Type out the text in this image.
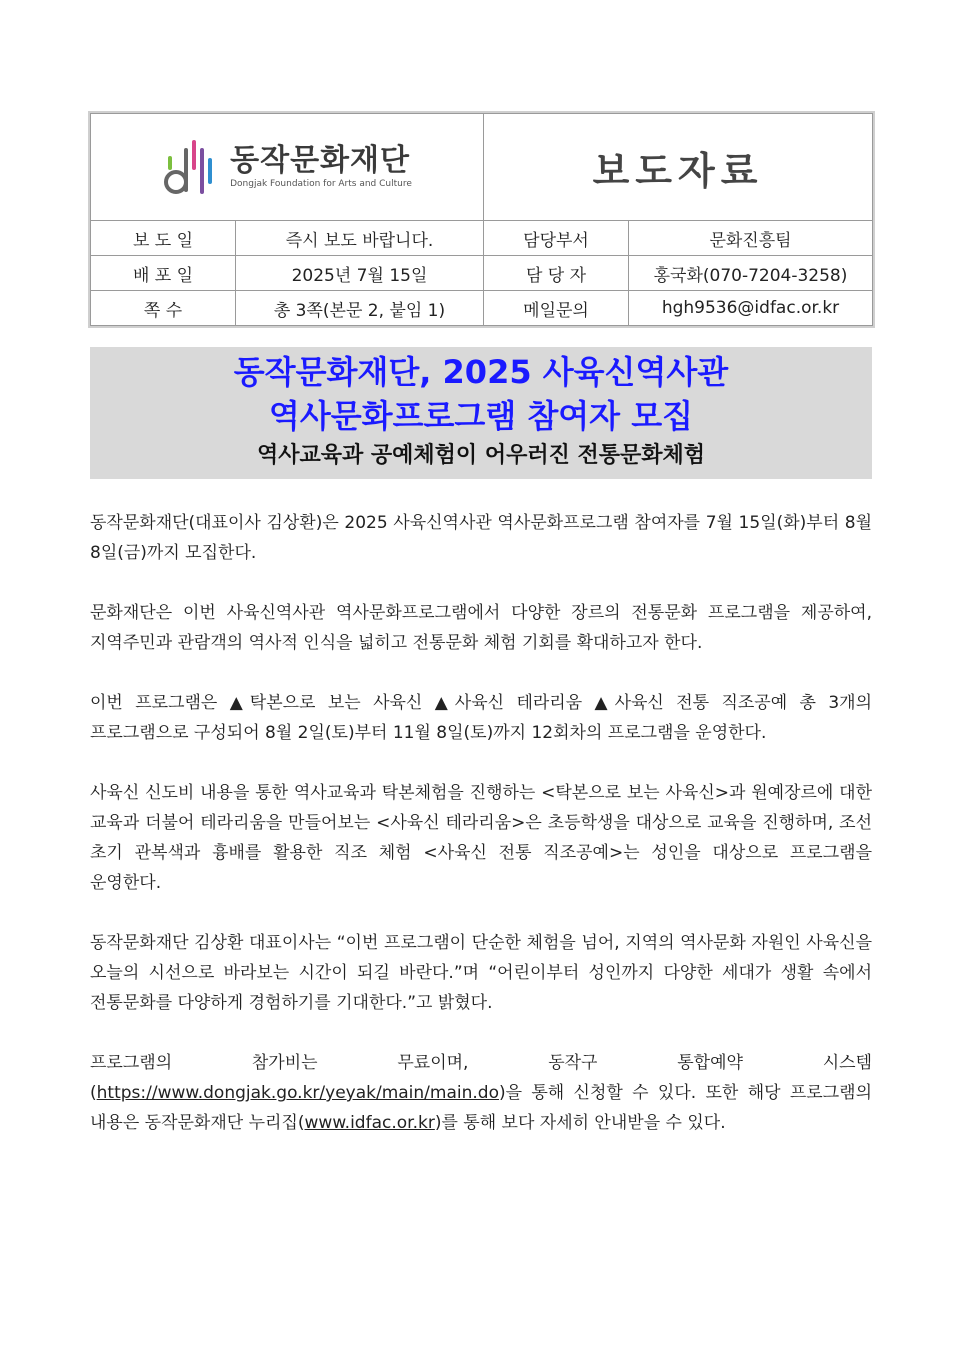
동작문화재단
Dongjak Foundation for Arts and Culture		보도자료	
보 도 일	즉시 보도 바랍니다.	담당부서	문화진흥팀
배 포 일	2025년 7월 15일	담 당 자	홍국화(070-7204-3258)
쪽 수	총 3쪽(본문 2, 붙임 1)	메일문의	hgh9536@idfac.or.kr
동작문화재단, 2025 사육신역사관
역사문화프로그램 참여자 모집
역사교육과 공예체험이 어우러진 전통문화체험

동작문화재단(대표이사 김상환)은 2025 사육신역사관 역사문화프로그램 참여자를 7월 15일(화)부터 8월 8일(금)까지 모집한다.

문화재단은 이번 사육신역사관 역사문화프로그램에서 다양한 장르의 전통문화 프로그램을 제공하여, 지역주민과 관람객의 역사적 인식을 넓히고 전통문화 체험 기회를 확대하고자 한다.

이번 프로그램은 ▲탁본으로 보는 사육신 ▲사육신 테라리움 ▲사육신 전통 직조공예 총 3개의 프로그램으로 구성되어 8월 2일(토)부터 11월 8일(토)까지 12회차의 프로그램을 운영한다.

사육신 신도비 내용을 통한 역사교육과 탁본체험을 진행하는 <탁본으로 보는 사육신>과 원예장르에 대한 교육과 더불어 테라리움을 만들어보는 <사육신 테라리움>은 초등학생을 대상으로 교육을 진행하며, 조선 초기 관복색과 흉배를 활용한 직조 체험 <사육신 전통 직조공예>는 성인을 대상으로 프로그램을 운영한다.

동작문화재단 김상환 대표이사는 “이번 프로그램이 단순한 체험을 넘어, 지역의 역사문화 자원인 사육신을 오늘의 시선으로 바라보는 시간이 되길 바란다.”며 “어린이부터 성인까지 다양한 세대가 생활 속에서 전통문화를 다양하게 경험하기를 기대한다.”고 밝혔다.

프로그램의 참가비는 무료이며, 동작구 통합예약 시스템(https://www.dongjak.go.kr/yeyak/main/main.do)을 통해 신청할 수 있다. 또한 해당 프로그램의 내용은 동작문화재단 누리집(www.idfac.or.kr)를 통해 보다 자세히 안내받을 수 있다.
